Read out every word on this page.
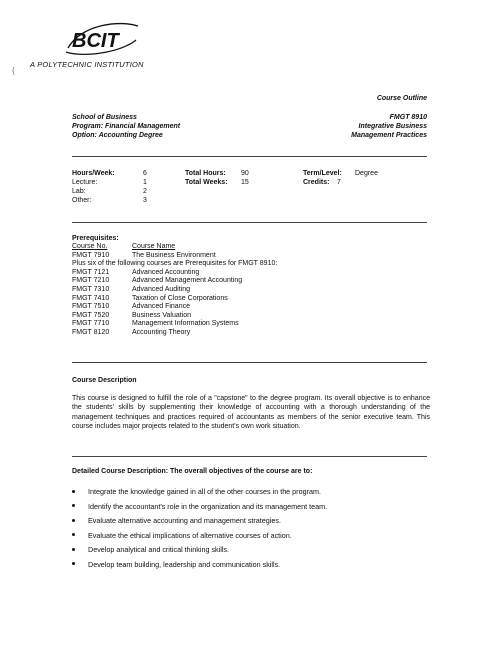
BCIT
A POLYTECHNIC INSTITUTION
{
Course Outline
School of Business
Program: Financial Management
Option: Accounting Degree
FMGT 8910
Integrative Business
Management Practices
Hours/Week:	6
Lecture:	1
Lab:	2
Other:	3
Total Hours: 90
Total Weeks: 15
Term/Level: Degree
Credits: 7
Prerequisites:
Course No.	Course Name
FMGT 7910	The Business Environment
Plus six of the following courses are Prerequisites for FMGT 8910:
FMGT 7121	Advanced Accounting
FMGT 7210	Advanced Management Accounting
FMGT 7310	Advanced Auditing
FMGT 7410	Taxation of Close Corporations
FMGT 7510	Advanced Finance
FMGT 7520	Business Valuation
FMGT 7710	Management Information Systems
FMGT 8120	Accounting Theory
Course Description
This course is designed to fulfill the role of a "capstone" to the degree program. Its overall objective is to enhance the students' skills by supplementing their knowledge of accounting with a thorough understanding of the management techniques and practices required of accountants as members of the senior executive team. This course includes major projects related to the student's own work situation.
Detailed Course Description: The overall objectives of the course are to:
Integrate the knowledge gained in all of the other courses in the program.
Identify the accountant's role in the organization and its management team.
Evaluate alternative accounting and management strategies.
Evaluate the ethical implications of alternative courses of action.
Develop analytical and critical thinking skills.
Develop team building, leadership and communication skills.
